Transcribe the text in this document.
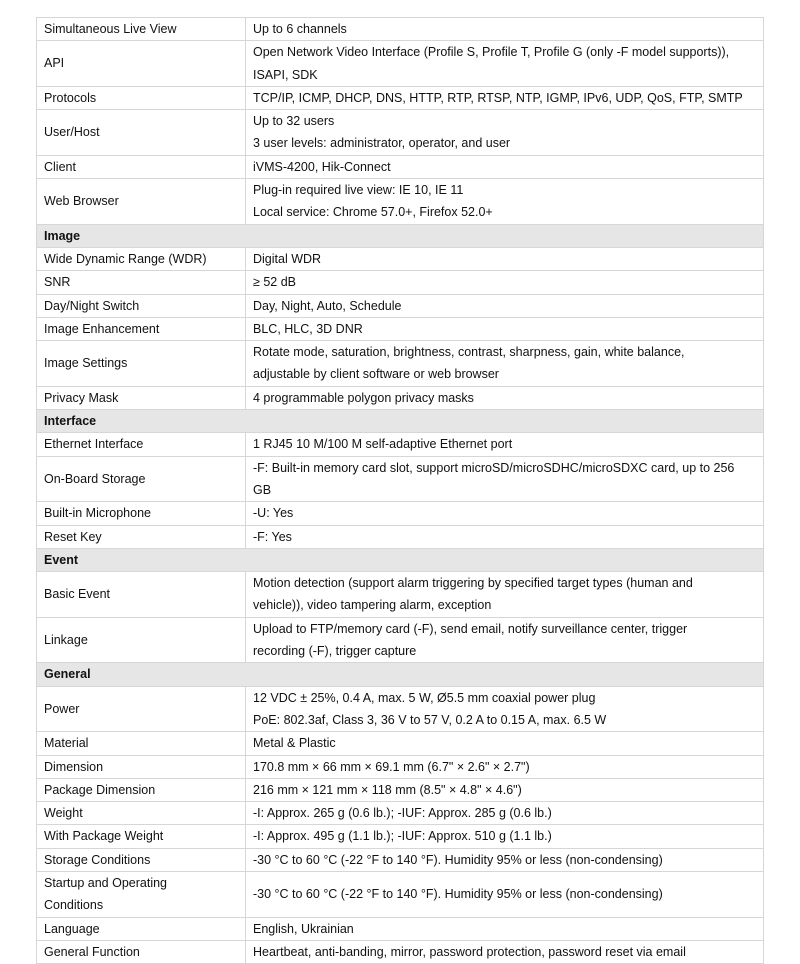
Simultaneous Live View	Up to 6 channels

API	Open Network Video Interface (Profile S, Profile T, Profile G (only -F model supports)),
ISAPI, SDK

Protocols	TCP/IP, ICMP, DHCP, DNS, HTTP, RTP, RTSP, NTP, IGMP, IPv6, UDP, QoS, FTP, SMTP

User/Host	Up to 32 users
3 user levels: administrator, operator, and user

Client	iVMS-4200, Hik-Connect

Web Browser	Plug-in required live view: IE 10, IE 11
Local service: Chrome 57.0+, Firefox 52.0+

Image	
Wide Dynamic Range (WDR)	Digital WDR

SNR	≥ 52 dB

Day/Night Switch	Day, Night, Auto, Schedule

Image Enhancement	BLC, HLC, 3D DNR

Image Settings	Rotate mode, saturation, brightness, contrast, sharpness, gain, white balance,
adjustable by client software or web browser

Privacy Mask	4 programmable polygon privacy masks

Interface	
Ethernet Interface	1 RJ45 10 M/100 M self-adaptive Ethernet port

On-Board Storage	-F: Built-in memory card slot, support microSD/microSDHC/microSDXC card, up to 256
GB

Built-in Microphone	-U: Yes

Reset Key	-F: Yes

Event	
Basic Event	Motion detection (support alarm triggering by specified target types (human and
vehicle)), video tampering alarm, exception

Linkage	Upload to FTP/memory card (-F), send email, notify surveillance center, trigger
recording (-F), trigger capture

General	
Power	12 VDC ± 25%, 0.4 A, max. 5 W, Ø5.5 mm coaxial power plug
PoE: 802.3af, Class 3, 36 V to 57 V, 0.2 A to 0.15 A, max. 6.5 W

Material	Metal & Plastic

Dimension	170.8 mm × 66 mm × 69.1 mm (6.7" × 2.6" × 2.7")

Package Dimension	216 mm × 121 mm × 118 mm (8.5" × 4.8" × 4.6")

Weight	-I: Approx. 265 g (0.6 lb.); -IUF: Approx. 285 g (0.6 lb.)

With Package Weight	-I: Approx. 495 g (1.1 lb.); -IUF: Approx. 510 g (1.1 lb.)

Storage Conditions	-30 °C to 60 °C (-22 °F to 140 °F). Humidity 95% or less (non-condensing)

Startup and Operating
Conditions	-30 °C to 60 °C (-22 °F to 140 °F). Humidity 95% or less (non-condensing)

Language	English, Ukrainian

General Function	Heartbeat, anti-banding, mirror, password protection, password reset via email
